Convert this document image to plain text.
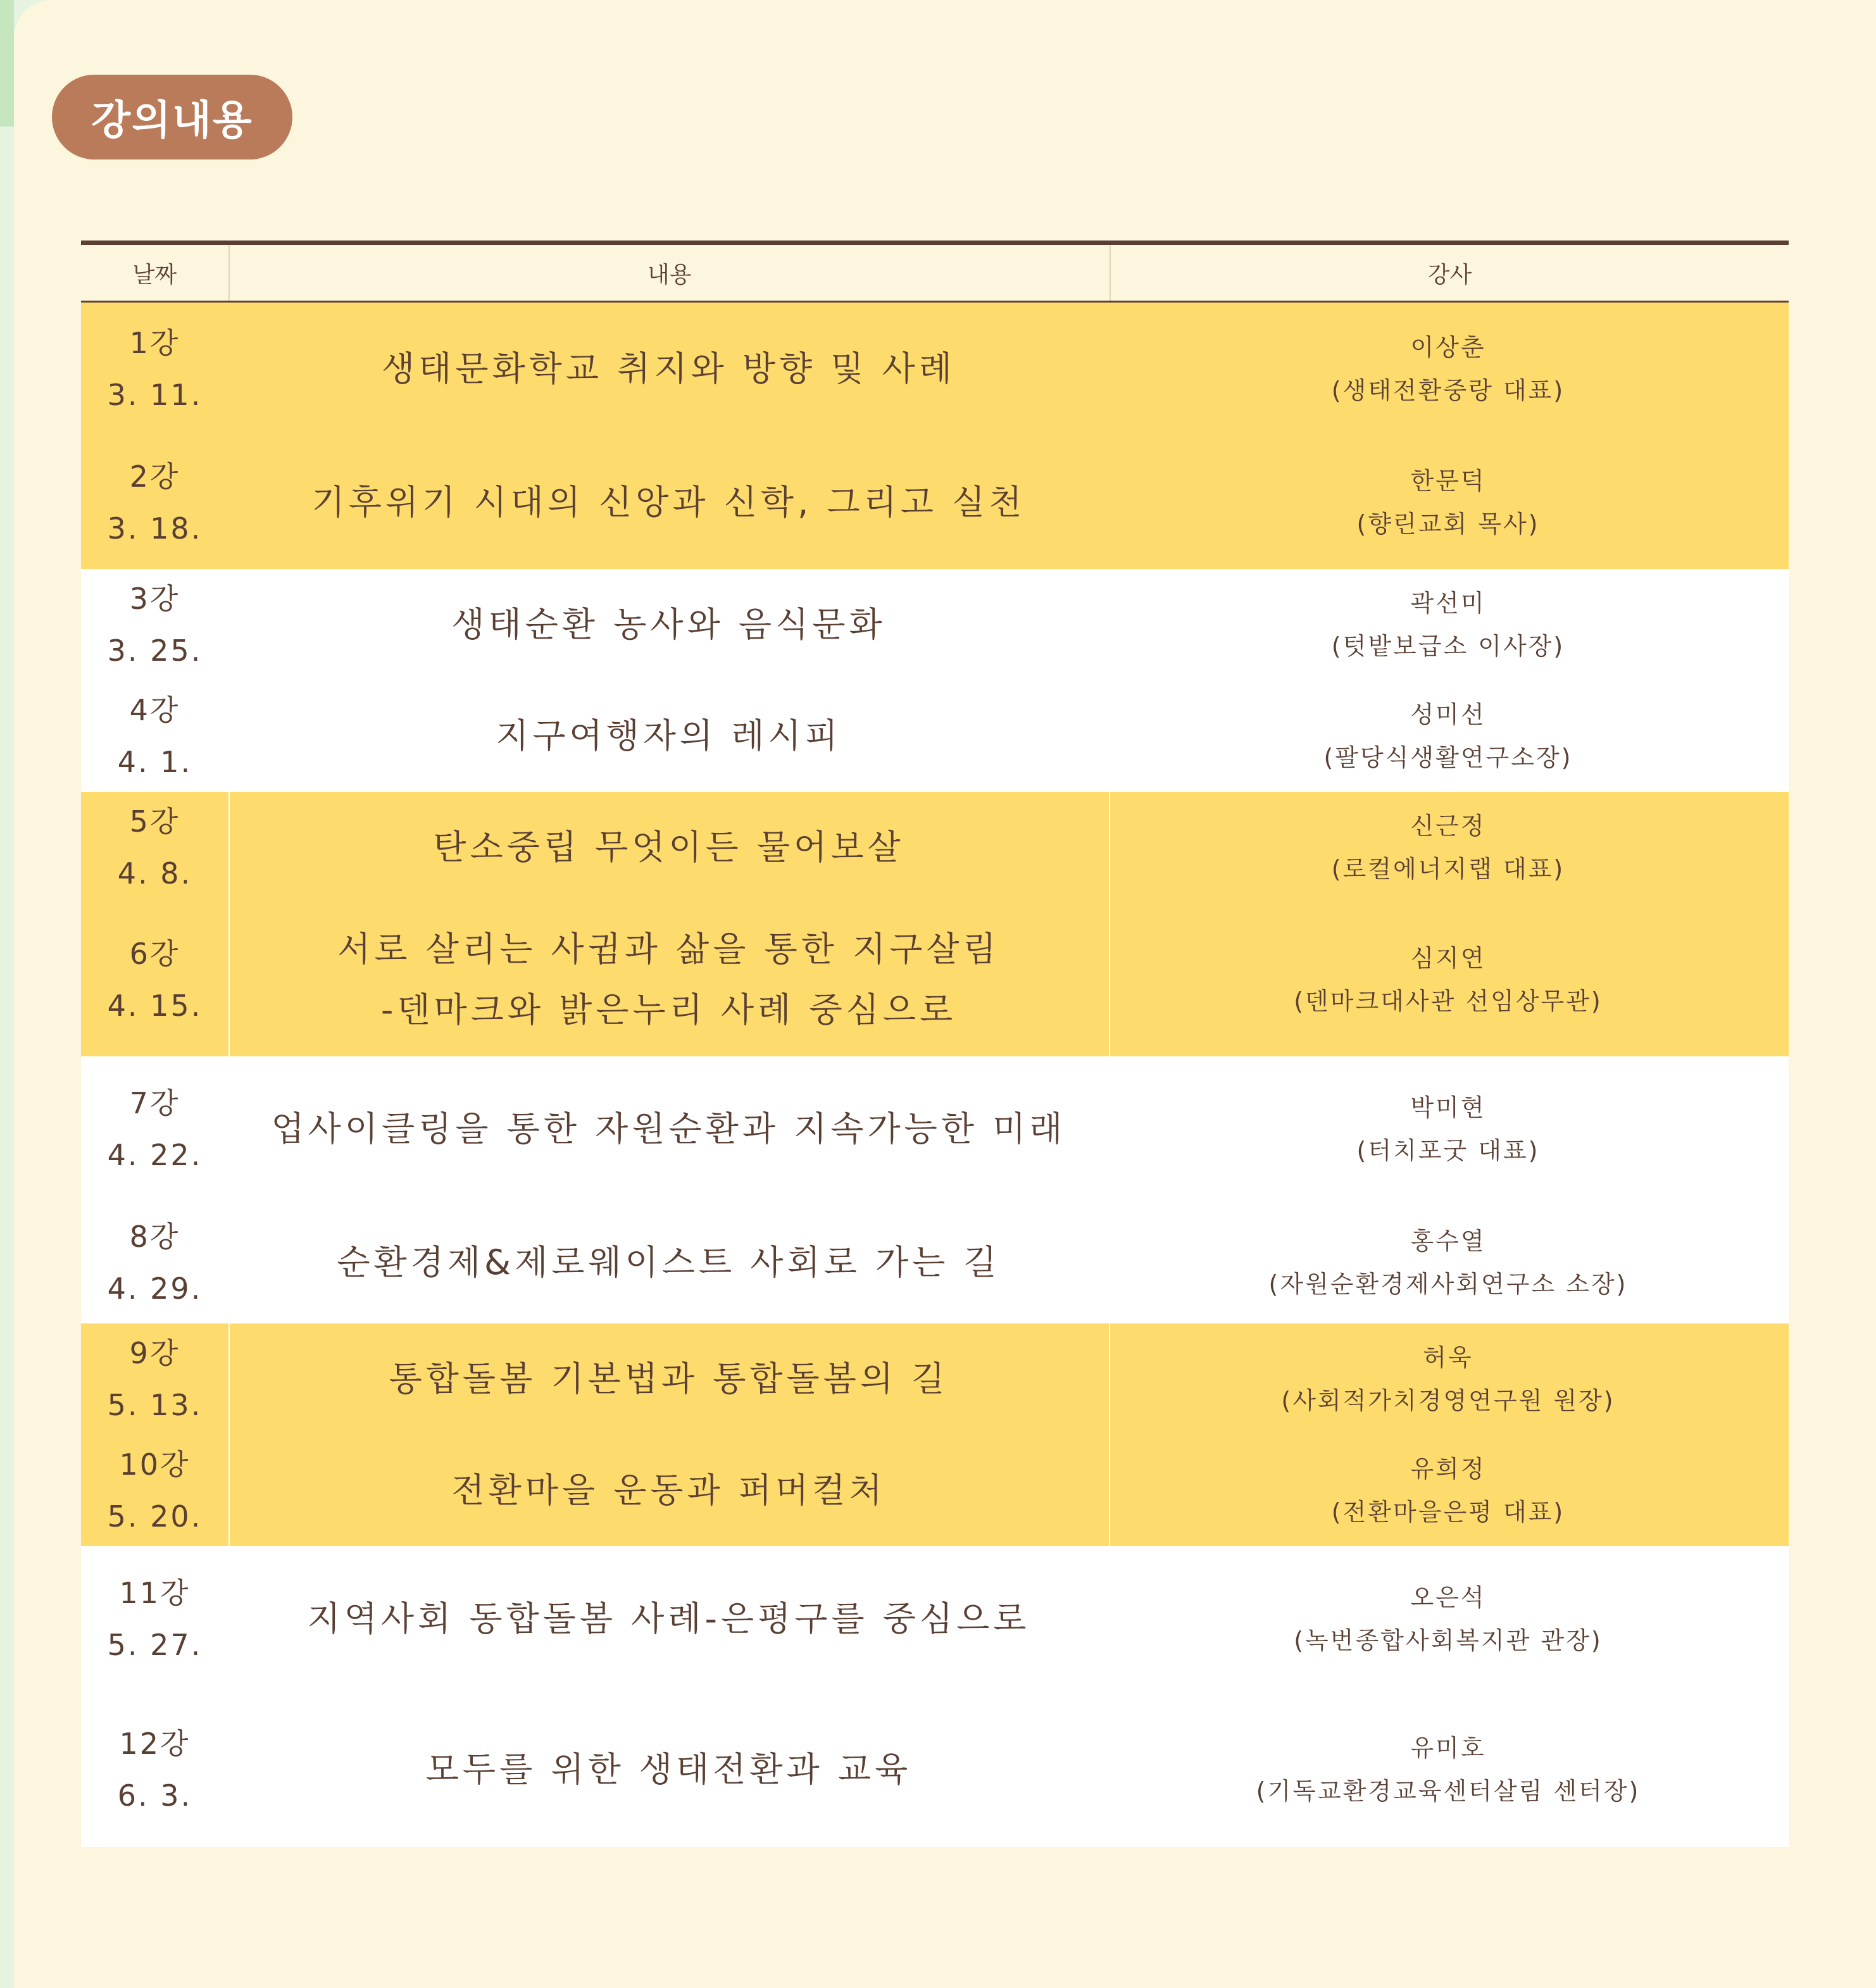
강의내용
날짜	내용	강사
1강
3. 11.
생태문화학교 취지와 방향 및 사례
이상춘
(생태전환중랑 대표)
2강
3. 18.
기후위기 시대의 신앙과 신학, 그리고 실천
한문덕
(향린교회 목사)
3강
3. 25.
생태순환 농사와 음식문화
곽선미
(텃밭보급소 이사장)
4강
4. 1.
지구여행자의 레시피
성미선
(팔당식생활연구소장)
5강
4. 8.
탄소중립 무엇이든 물어보살
신근정
(로컬에너지랩 대표)
6강
4. 15.
서로 살리는 사귐과 삶을 통한 지구살림
-덴마크와 밝은누리 사례 중심으로
심지연
(덴마크대사관 선임상무관)
7강
4. 22.
업사이클링을 통한 자원순환과 지속가능한 미래
박미현
(터치포굿 대표)
8강
4. 29.
순환경제&제로웨이스트 사회로 가는 길
홍수열
(자원순환경제사회연구소 소장)
9강
5. 13.
통합돌봄 기본법과 통합돌봄의 길
허욱
(사회적가치경영연구원 원장)
10강
5. 20.
전환마을 운동과 퍼머컬처
유희정
(전환마을은평 대표)
11강
5. 27.
지역사회 동합돌봄 사례-은평구를 중심으로
오은석
(녹번종합사회복지관 관장)
12강
6. 3.
모두를 위한 생태전환과 교육
유미호
(기독교환경교육센터살림 센터장)
